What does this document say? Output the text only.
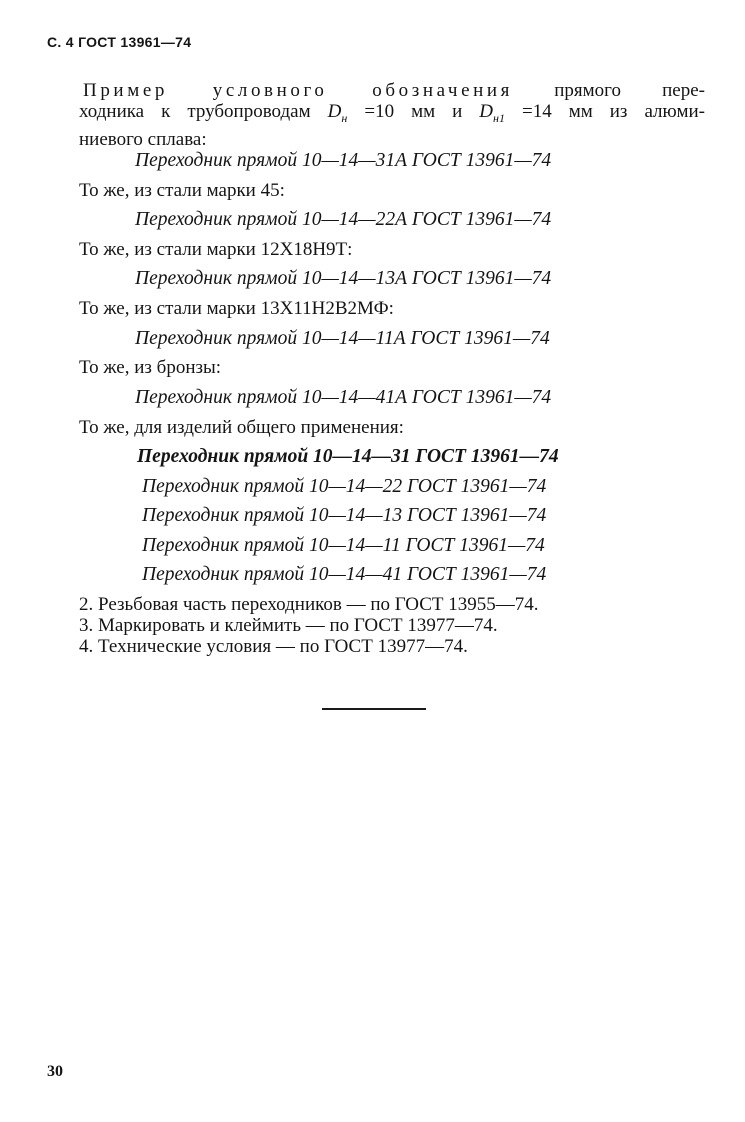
С. 4 ГОСТ 13961—74
Пример условного обозначения прямого пере-
ходника к трубопроводам $D_н =10$ мм и $D_{н1} =14$ мм из алюми-
ниевого сплава:
Переходник прямой 10—14—31А ГОСТ 13961—74
То же, из стали марки 45:
Переходник прямой 10—14—22А ГОСТ 13961—74
То же, из стали марки 12Х18Н9Т:
Переходник прямой 10—14—13А ГОСТ 13961—74
То же, из стали марки 13Х11Н2В2МФ:
Переходник прямой 10—14—11А ГОСТ 13961—74
То же, из бронзы:
Переходник прямой 10—14—41А ГОСТ 13961—74
То же, для изделий общего применения:
Переходник прямой 10—14—31 ГОСТ 13961—74
Переходник прямой 10—14—22 ГОСТ 13961—74
Переходник прямой 10—14—13 ГОСТ 13961—74
Переходник прямой 10—14—11 ГОСТ 13961—74
Переходник прямой 10—14—41 ГОСТ 13961—74
2. Резьбовая часть переходников — по ГОСТ 13955—74.
3. Маркировать и клеймить — по ГОСТ 13977—74.
4. Технические условия — по ГОСТ 13977—74.
30
